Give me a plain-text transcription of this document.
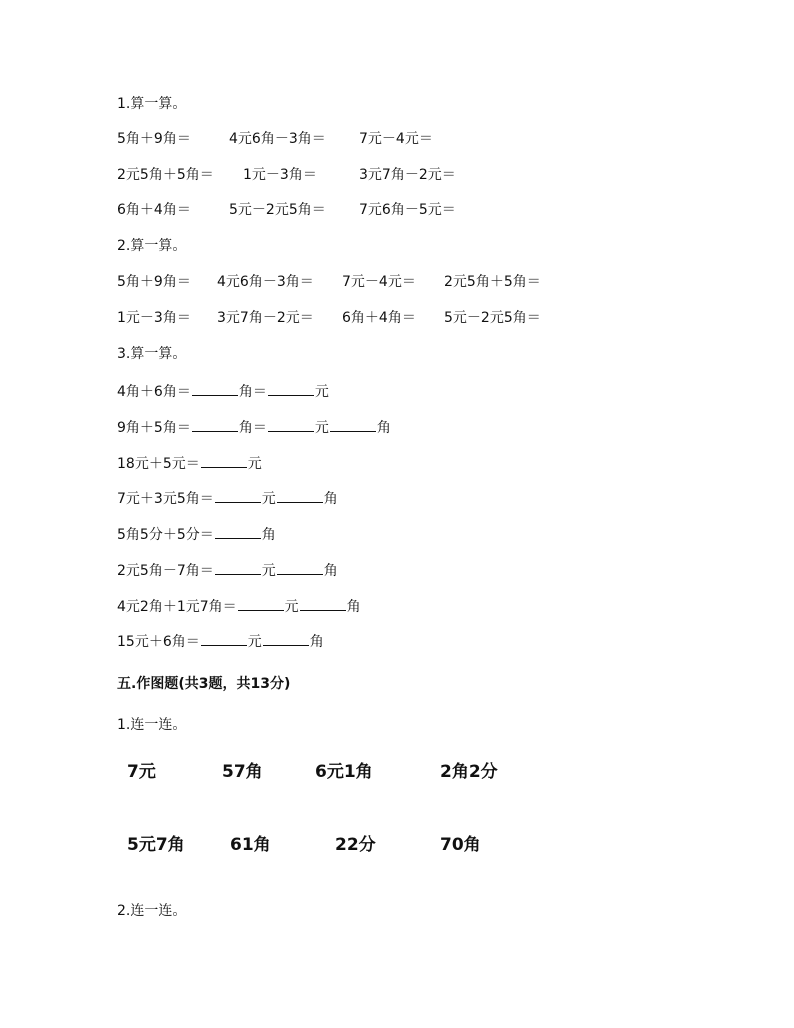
1.算一算。
5角＋9角＝	4元6角－3角＝ 7元－4元＝
2元5角＋5角＝ 1元－3角＝	3元7角－2元＝
6角＋4角＝	5元－2元5角＝ 7元6角－5元＝
2.算一算。
5角＋9角＝ 4元6角－3角＝ 7元－4元＝ 2元5角＋5角＝
1元－3角＝ 3元7角－2元＝ 6角＋4角＝ 5元－2元5角＝
3.算一算。
4角＋6角＝	角＝	元
9角＋5角＝	角＝	元	角
18元＋5元＝	元
7元＋3元5角＝	元	角
5角5分＋5分＝	角
2元5角－7角＝	元	角
4元2角＋1元7角＝	元	角
15元＋6角＝	元	角
五.作图题(共3题，共13分)
1.连一连。
7元	57角	6元1角	2角2分
5元7角	61角	22分	70角
2.连一连。
